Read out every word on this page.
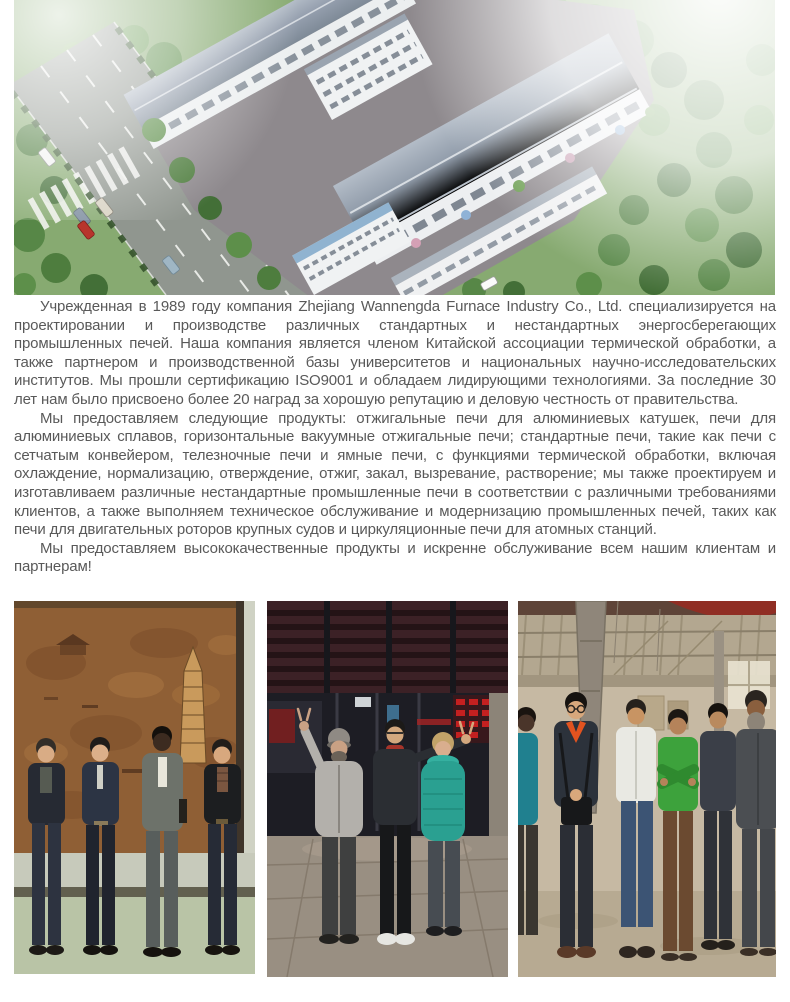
Учрежденная в 1989 году компания Zhejiang Wannengda Furnace Industry Co., Ltd. специализируется на проектировании и производстве различных стандартных и нестандартных энергосберегающих промышленных печей. Наша компания является членом Китайской ассоциации термической обработки, а также партнером и производственной базы университетов и национальных научно-исследовательских институтов. Мы прошли сертификацию ISO9001 и обладаем лидирующими технологиями. За последние 30 лет нам было присвоено более 20 наград за хорошую репутацию и деловую честность от правительства.

Мы предоставляем следующие продукты: отжигальные печи для алюминиевых катушек, печи для алюминиевых сплавов, горизонтальные вакуумные отжигальные печи; стандартные печи, такие как печи с сетчатым конвейером, телезночные печи и ямные печи, с функциями термической обработки, включая охлаждение, нормализацию, отверждение, отжиг, закал, вызревание, растворение; мы также проектируем и изготавливаем различные нестандартные промышленные печи в соответствии с различными требованиями клиентов, а также выполняем техническое обслуживание и модернизацию промышленных печей, таких как печи для двигательных роторов крупных судов и циркуляционные печи для атомных станций.

Мы предоставляем высококачественные продукты и искренне обслуживание всем нашим клиентам и партнерам!
